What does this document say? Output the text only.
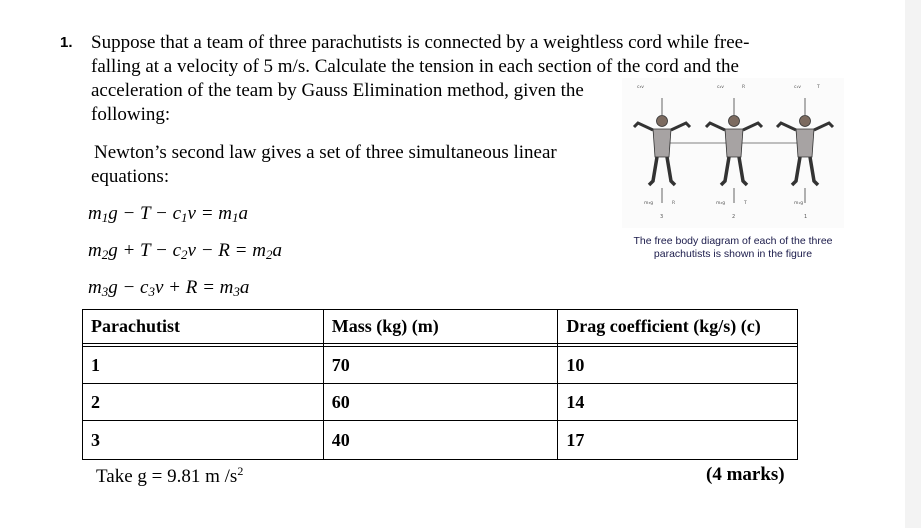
1. Suppose that a team of three parachutists is connected by a weightless cord while free-
falling at a velocity of 5 m/s. Calculate the tension in each section of the cord and the
acceleration of the team by Gauss Elimination method, given the
following:
Newton’s second law gives a set of three simultaneous linear
equations:
$m_1g - T - c_1v = m_1a$
$m_2g + T - c_2v - R = m_2a$
$m_3g - c_3v + R = m_3a$
c₃v	c₂v	R	c₁v	T
m₃g	R	m₂g	T	m₁g
3	2	1
The free body diagram of each of the three parachutists is shown in the figure
Parachutist	Mass (kg) (m)	Drag coefficient (kg/s) (c)

1	70	10
2	60	14
3	40	17
Take g = 9.81 m $/s^2$	(4 marks)
